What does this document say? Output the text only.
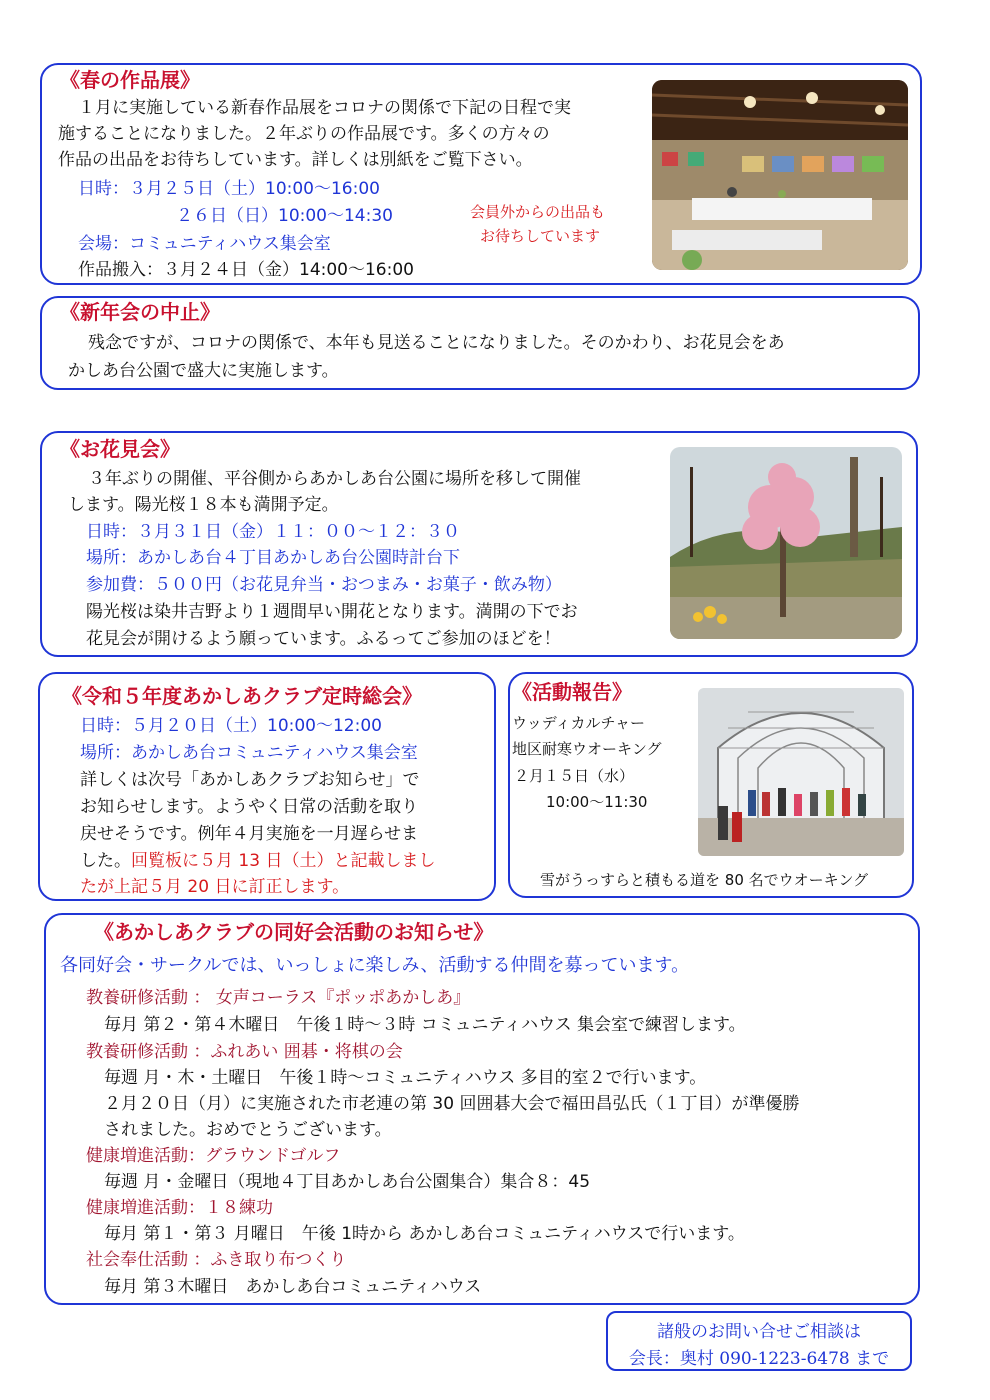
《春の作品展》
１月に実施している新春作品展をコロナの関係で下記の日程で実
施することになりました。２年ぶりの作品展です。多くの方々の
作品の出品をお待ちしています。詳しくは別紙をご覧下さい。
日時：３月２５日（土）10:00～16:00
２６日（日）10:00～14:30
会場：コミュニティハウス集会室
作品搬入：３月２４日（金）14:00～16:00
会員外からの出品も
お待ちしています
《新年会の中止》
残念ですが、コロナの関係で、本年も見送ることになりました。そのかわり、お花見会をあ
かしあ台公園で盛大に実施します。
《お花見会》
３年ぶりの開催、平谷側からあかしあ台公園に場所を移して開催
します。陽光桜１８本も満開予定。
日時：３月３１日（金）１１：００～１２：３０
場所：あかしあ台４丁目あかしあ台公園時計台下
参加費：５００円（お花見弁当・おつまみ・お菓子・飲み物）
陽光桜は染井吉野より１週間早い開花となります。満開の下でお
花見会が開けるよう願っています。ふるってご参加のほどを！
《令和５年度あかしあクラブ定時総会》
日時：５月２０日（土）10:00～12:00
場所：あかしあ台コミュニティハウス集会室
詳しくは次号「あかしあクラブお知らせ」で
お知らせします。ようやく日常の活動を取り
戻せそうです。例年４月実施を一月遅らせま
した。回覧板に５月 13 日（土）と記載しまし
たが上記５月 20 日に訂正します。
《活動報告》
ウッディカルチャー
地区耐寒ウオーキング
２月１５日（水）
10:00～11:30
雪がうっすらと積もる道を 80 名でウオーキング
《あかしあクラブの同好会活動のお知らせ》
各同好会・サークルでは、いっしょに楽しみ、活動する仲間を募っています。
教養研修活動 ： 女声コーラス『ポッポあかしあ』
毎月 第２・第４木曜日　午後１時～３時 コミュニティハウス 集会室で練習します。
教養研修活動 ：ふれあい 囲碁・将棋の会
毎週 月・木・土曜日　午後１時～コミュニティハウス 多目的室２で行います。
２月２０日（月）に実施された市老連の第 30 回囲碁大会で福田昌弘氏（１丁目）が準優勝
されました。おめでとうございます。
健康増進活動：グラウンドゴルフ
毎週 月・金曜日（現地４丁目あかしあ台公園集合）集合８：45
健康増進活動：１８練功
毎月 第１・第３ 月曜日　午後 1時から あかしあ台コミュニティハウスで行います。
社会奉仕活動 ：ふき取り布つくり
毎月 第３木曜日　あかしあ台コミュニティハウス
諸般のお問い合せご相談は
会長：奥村 090-1223-6478 まで
